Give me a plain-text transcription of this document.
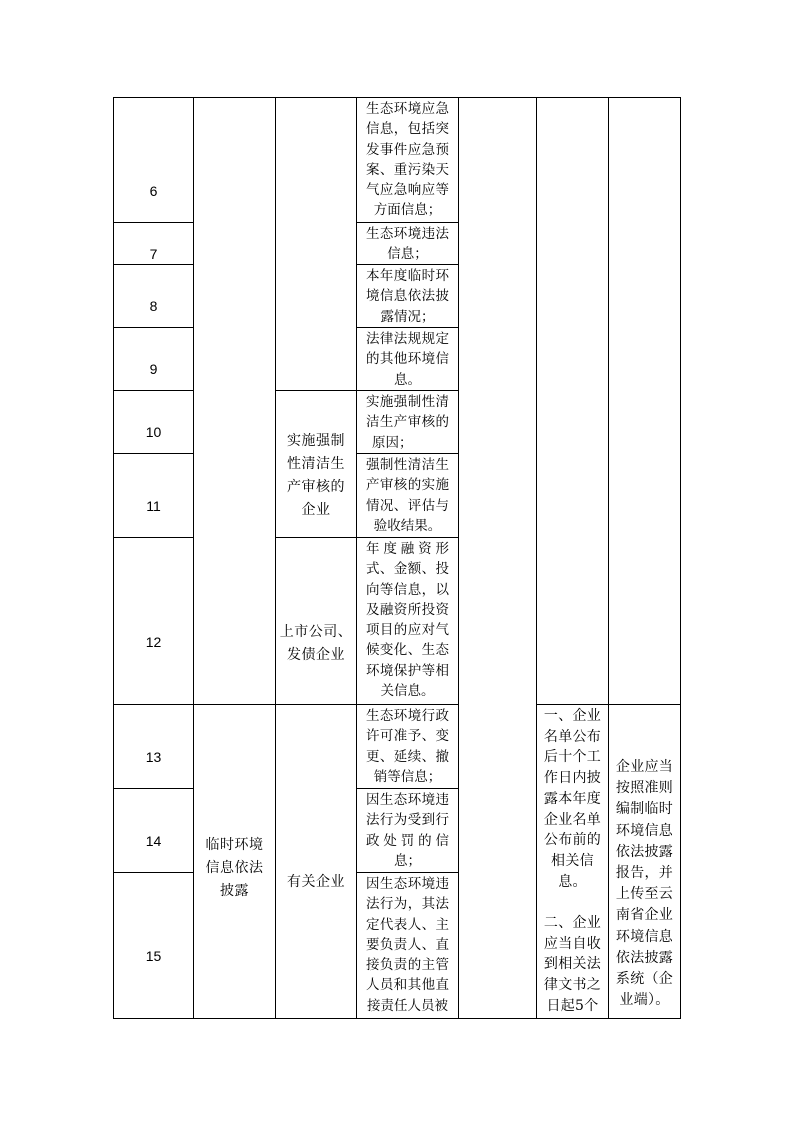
6
生态环境应急
信息，包括突
发事件应急预
案、重污染天
气应急响应等
方面信息；
7
生态环境违法
信息；
8
本年度临时环
境信息依法披
露情况；
9
法律法规规定
的其他环境信
息。
10
实施强制
性清洁生
产审核的
企业
实施强制性清
洁生产审核的
原因；
11
强制性清洁生
产审核的实施
情况、评估与
验收结果。
12
上市公司、
发债企业
年度融资形
式、金额、投
向等信息，以
及融资所投资
项目的应对气
候变化、生态
环境保护等相
关信息。
13
临时环境
信息依法
披露
有关企业
生态环境行政
许可准予、变
更、延续、撤
销等信息；
一、企业
名单公布
后十个工
作日内披
露本年度
企业名单
公布前的
相关信
息。
二、企业
应当自收
到相关法
律文书之
日起5个
企业应当
按照准则
编制临时
环境信息
依法披露
报告，并
上传至云
南省企业
环境信息
依法披露
系统（企
业端）。
14
因生态环境违
法行为受到行
政处罚的信
息；
15
因生态环境违
法行为，其法
定代表人、主
要负责人、直
接负责的主管
人员和其他直
接责任人员被
